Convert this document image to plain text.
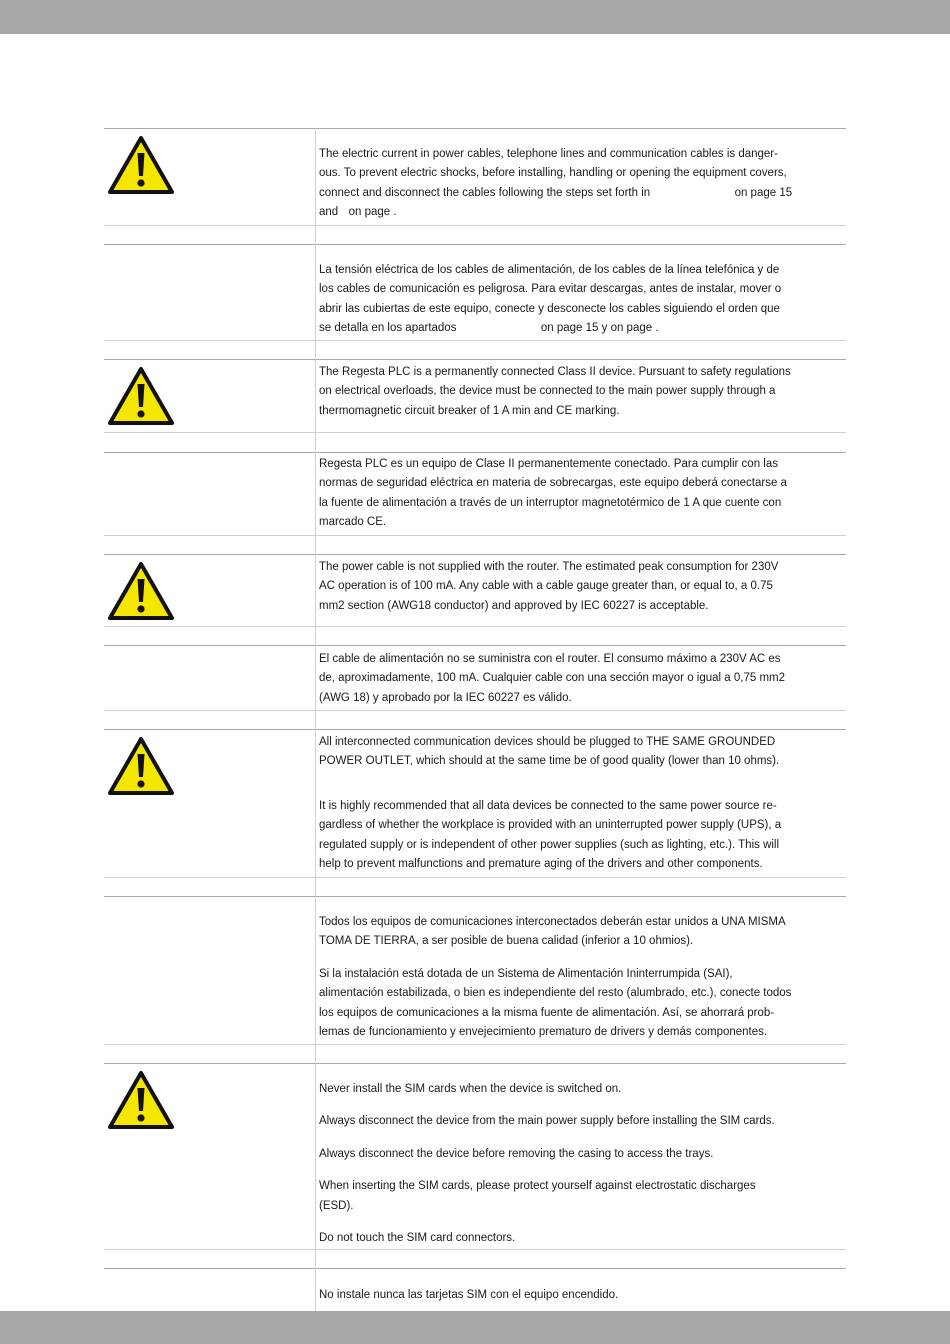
The electric current in power cables, telephone lines and communication cables is danger-
ous. To prevent electric shocks, before installing, handling or opening the equipment covers,
connect and disconnect the cables following the steps set forth in	on page 15
and on page .
La tensión eléctrica de los cables de alimentación, de los cables de la línea telefónica y de
los cables de comunicación es peligrosa. Para evitar descargas, antes de instalar, mover o
abrir las cubiertas de este equipo, conecte y desconecte los cables siguiendo el orden que
se detalla en los apartados	on page 15 y on page .
The Regesta PLC is a permanently connected Class II device. Pursuant to safety regulations
on electrical overloads, the device must be connected to the main power supply through a
thermomagnetic circuit breaker of 1 A min and CE marking.
Regesta PLC es un equipo de Clase II permanentemente conectado. Para cumplir con las
normas de seguridad eléctrica en materia de sobrecargas, este equipo deberá conectarse a
la fuente de alimentación a través de un interruptor magnetotérmico de 1 A que cuente con
marcado CE.
The power cable is not supplied with the router. The estimated peak consumption for 230V
AC operation is of 100 mA. Any cable with a cable gauge greater than, or equal to, a 0.75
mm2 section (AWG18 conductor) and approved by IEC 60227 is acceptable.
El cable de alimentación no se suministra con el router. El consumo máximo a 230V AC es
de, aproximadamente, 100 mA. Cualquier cable con una sección mayor o igual a 0,75 mm2
(AWG 18) y aprobado por la IEC 60227 es válido.
All interconnected communication devices should be plugged to THE SAME GROUNDED
POWER OUTLET, which should at the same time be of good quality (lower than 10 ohms).
It is highly recommended that all data devices be connected to the same power source re-
gardless of whether the workplace is provided with an uninterrupted power supply (UPS), a
regulated supply or is independent of other power supplies (such as lighting, etc.). This will
help to prevent malfunctions and premature aging of the drivers and other components.
Todos los equipos de comunicaciones interconectados deberán estar unidos a UNA MISMA
TOMA DE TIERRA, a ser posible de buena calidad (inferior a 10 ohmios).
Si la instalación está dotada de un Sistema de Alimentación Ininterrumpida (SAI),
alimentación estabilizada, o bien es independiente del resto (alumbrado, etc.), conecte todos
los equipos de comunicaciones a la misma fuente de alimentación. Así, se ahorrará prob-
lemas de funcionamiento y envejecimiento prematuro de drivers y demás componentes.
Never install the SIM cards when the device is switched on.
Always disconnect the device from the main power supply before installing the SIM cards.
Always disconnect the device before removing the casing to access the trays.
When inserting the SIM cards, please protect yourself against electrostatic discharges
(ESD).
Do not touch the SIM card connectors.
No instale nunca las tarjetas SIM con el equipo encendido.
